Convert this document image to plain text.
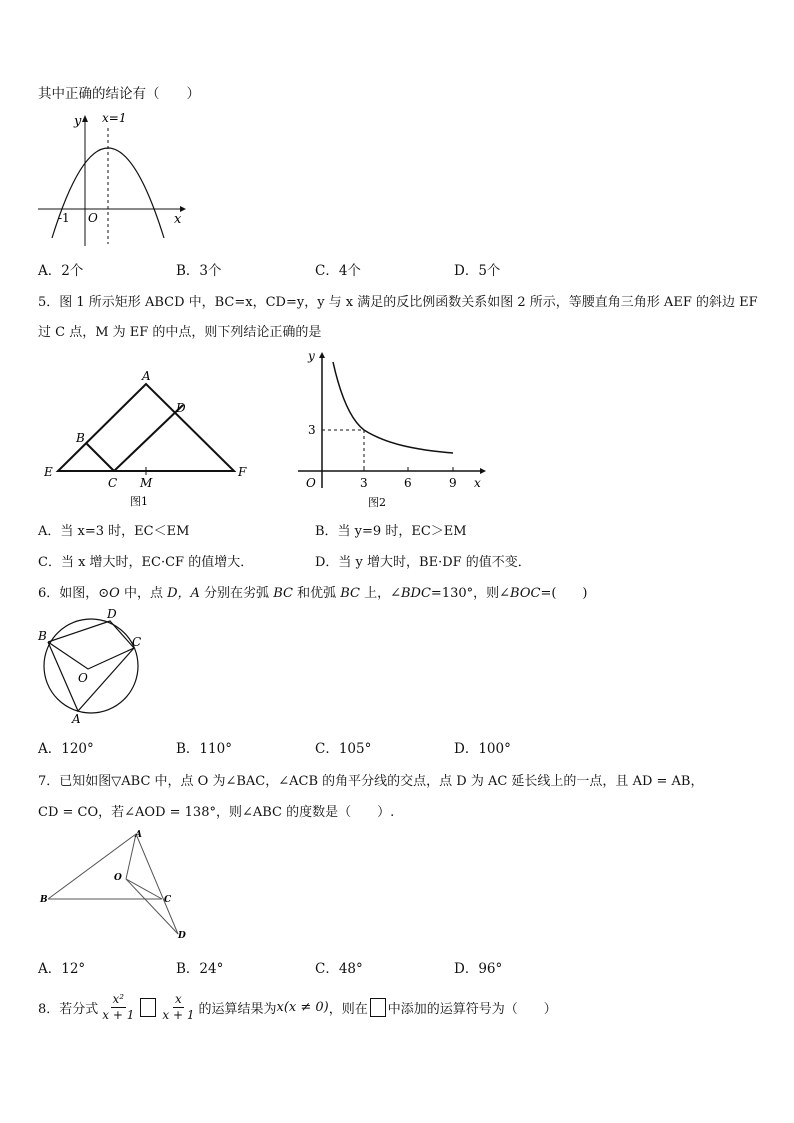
其中正确的结论有（　　）
y x=1
x
O
-1
A．2个	B．3个	C．4个	D．5个
5．图 1 所示矩形 ABCD 中，BC=x，CD=y，y 与 x 满足的反比例函数关系如图 2 所示，等腰直角三角形 AEF 的斜边 EF
过 C 点，M 为 EF 的中点，则下列结论正确的是
A
B
C
D
E	F
M
图1
y
x
O
3
3	6	9
图2
A．当 x=3 时，EC＜EM	B．当 y=9 时，EC＞EM
C．当 x 增大时，EC·CF 的值增大．	D．当 y 增大时，BE·DF 的值不变．
6．如图，⊙O 中，点 D，A 分别在劣弧 BC 和优弧 BC 上，∠BDC=130°，则∠BOC=(　　)
B
D
C
O
A
A．120°	B．110°	C．105°	D．100°
7．已知如图▽ABC 中，点 O 为∠BAC，∠ACB 的角平分线的交点，点 D 为 AC 延长线上的一点，且 AD = AB，
CD = CO，若∠AOD = 138°，则∠ABC 的度数是（　　）.
A
O
B	C
D
A．12°	B．24°	C．48°	D．96°
8．若分式 $\frac{\text{x²}}{x + 1} \frac{x}{x + 1}$ 的运算结果为 x(x ≠ 0) ，则在 中添加的运算符号为（　　）
